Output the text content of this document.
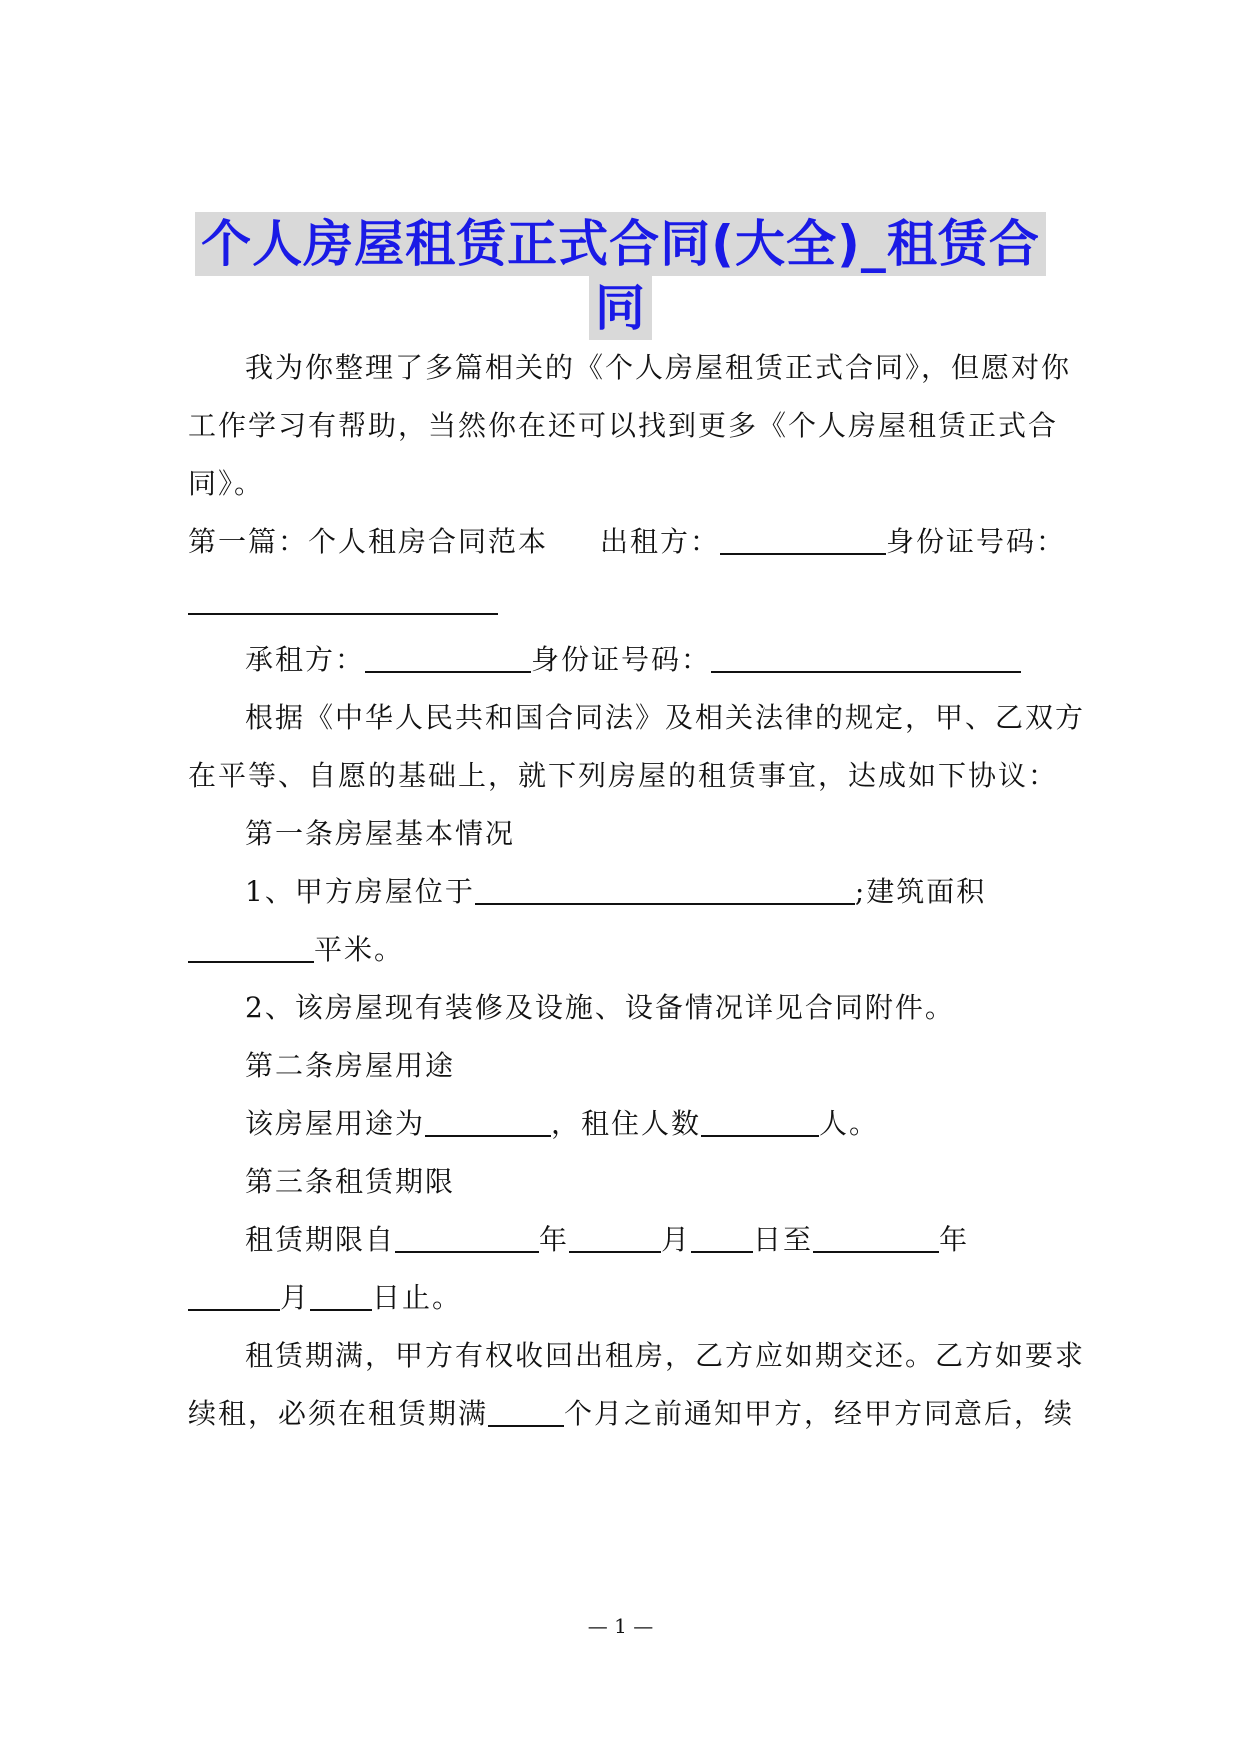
个人房屋租赁正式合同(大全)_租赁合
同
我为你整理了多篇相关的《个人房屋租赁正式合同》，但愿对你
工作学习有帮助，当然你在还可以找到更多《个人房屋租赁正式合
同》。
第一篇：个人租房合同范本 出租方：	身份证号码：
承租方：	身份证号码：
根据《中华人民共和国合同法》及相关法律的规定，甲、乙双方
在平等、自愿的基础上，就下列房屋的租赁事宜，达成如下协议：
第一条房屋基本情况
1、甲方房屋位于	;建筑面积
平米。
2、该房屋现有装修及设施、设备情况详见合同附件。
第二条房屋用途
该房屋用途为	，租住人数	人。
第三条租赁期限
租赁期限自	年	月 日至	年
月 日止。
租赁期满，甲方有权收回出租房，乙方应如期交还。乙方如要求
续租，必须在租赁期满	个月之前通知甲方，经甲方同意后，续
— 1 —
